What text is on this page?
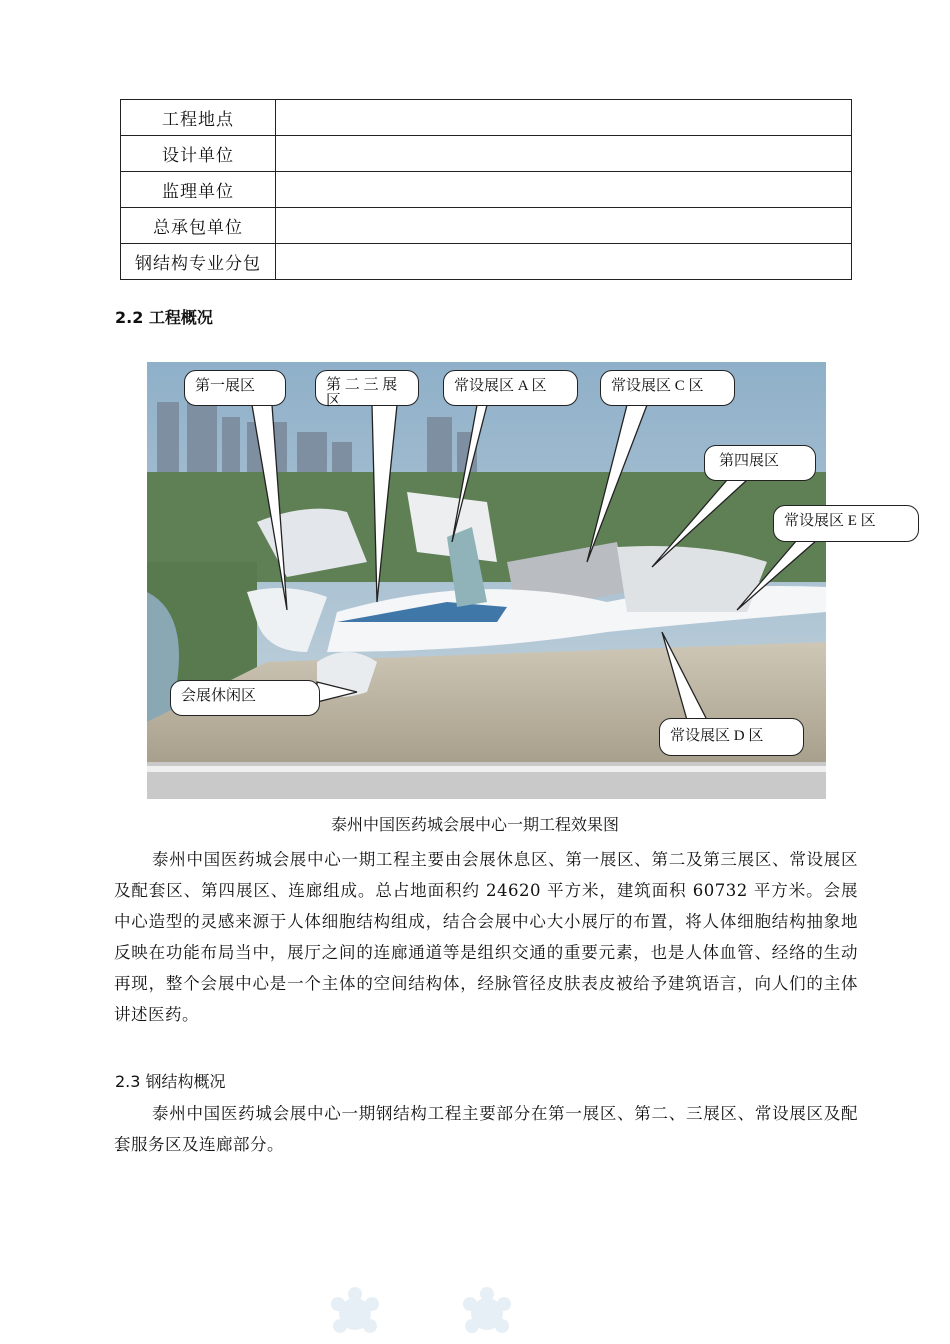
工程地点	
设计单位	
监理单位	
总承包单位	
钢结构专业分包	
2.2 工程概况
第一展区	第 二 三 展
区
常设展区 A 区	常设展区 C 区
第四展区
常设展区 E 区
会展休闲区
常设展区 D 区
泰州中国医药城会展中心一期工程效果图
泰州中国医药城会展中心一期工程主要由会展休息区、第一展区、第二及第三展区、常设展区及配套区、第四展区、连廊组成。总占地面积约 24620 平方米，建筑面积 60732 平方米。会展中心造型的灵感来源于人体细胞结构组成，结合会展中心大小展厅的布置，将人体细胞结构抽象地反映在功能布局当中，展厅之间的连廊通道等是组织交通的重要元素，也是人体血管、经络的生动再现，整个会展中心是一个主体的空间结构体，经脉管径皮肤表皮被给予建筑语言，向人们的主体讲述医药。
2.3 钢结构概况
泰州中国医药城会展中心一期钢结构工程主要部分在第一展区、第二、三展区、常设展区及配套服务区及连廊部分。
